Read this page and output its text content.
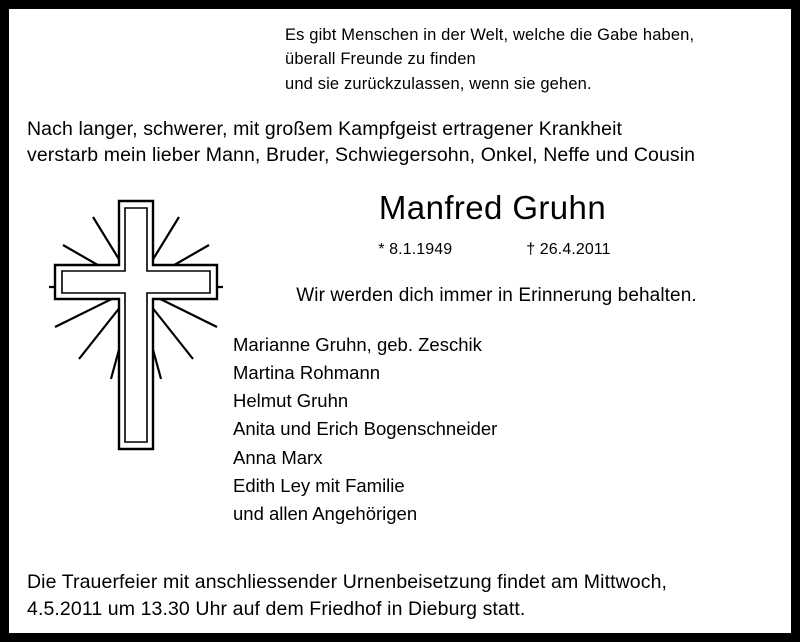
Es gibt Menschen in der Welt, welche die Gabe haben,
überall Freunde zu finden
und sie zurückzulassen, wenn sie gehen.
Nach langer, schwerer, mit großem Kampfgeist ertragener Krankheit
verstarb mein lieber Mann, Bruder, Schwiegersohn, Onkel, Neffe und Cousin
Manfred Gruhn
* 8.1.1949	† 26.4.2011
Wir werden dich immer in Erinnerung behalten.
Marianne Gruhn, geb. Zeschik
Martina Rohmann
Helmut Gruhn
Anita und Erich Bogenschneider
Anna Marx
Edith Ley mit Familie
und allen Angehörigen
Die Trauerfeier mit anschliessender Urnenbeisetzung findet am Mittwoch,
4.5.2011 um 13.30 Uhr auf dem Friedhof in Dieburg statt.
